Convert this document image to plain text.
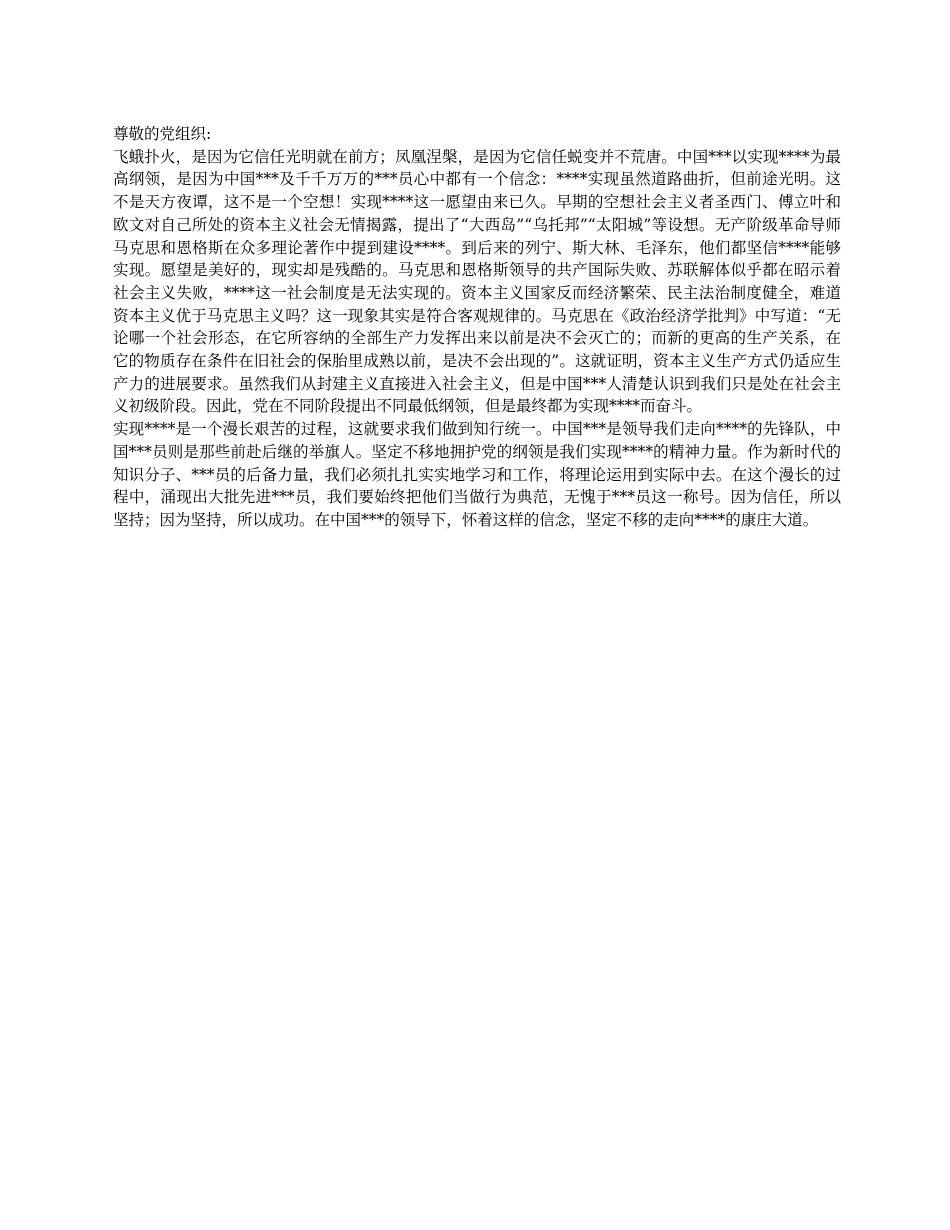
尊敬的党组织:

飞蛾扑火，是因为它信任光明就在前方；凤凰涅槃，是因为它信任蜕变并不荒唐。中国***以实现****为最高纲领，是因为中国***及千千万万的***员心中都有一个信念：****实现虽然道路曲折，但前途光明。这不是天方夜谭，这不是一个空想！实现****这一愿望由来已久。早期的空想社会主义者圣西门、傅立叶和欧文对自己所处的资本主义社会无情揭露，提出了“大西岛”“乌托邦”“太阳城”等设想。无产阶级革命导师马克思和恩格斯在众多理论著作中提到建设****。到后来的列宁、斯大林、毛泽东，他们都坚信****能够实现。愿望是美好的，现实却是残酷的。马克思和恩格斯领导的共产国际失败、苏联解体似乎都在昭示着社会主义失败，****这一社会制度是无法实现的。资本主义国家反而经济繁荣、民主法治制度健全，难道资本主义优于马克思主义吗？这一现象其实是符合客观规律的。马克思在《政治经济学批判》中写道：“无论哪一个社会形态，在它所容纳的全部生产力发挥出来以前是决不会灭亡的；而新的更高的生产关系，在它的物质存在条件在旧社会的保胎里成熟以前，是决不会出现的”。这就证明，资本主义生产方式仍适应生产力的进展要求。虽然我们从封建主义直接进入社会主义，但是中国***人清楚认识到我们只是处在社会主义初级阶段。因此，党在不同阶段提出不同最低纲领，但是最终都为实现****而奋斗。

实现****是一个漫长艰苦的过程，这就要求我们做到知行统一。中国***是领导我们走向****的先锋队，中国***员则是那些前赴后继的举旗人。坚定不移地拥护党的纲领是我们实现****的精神力量。作为新时代的知识分子、***员的后备力量，我们必须扎扎实实地学习和工作，将理论运用到实际中去。在这个漫长的过程中，涌现出大批先进***员，我们要始终把他们当做行为典范，无愧于***员这一称号。因为信任，所以坚持；因为坚持，所以成功。在中国***的领导下，怀着这样的信念，坚定不移的走向****的康庄大道。
